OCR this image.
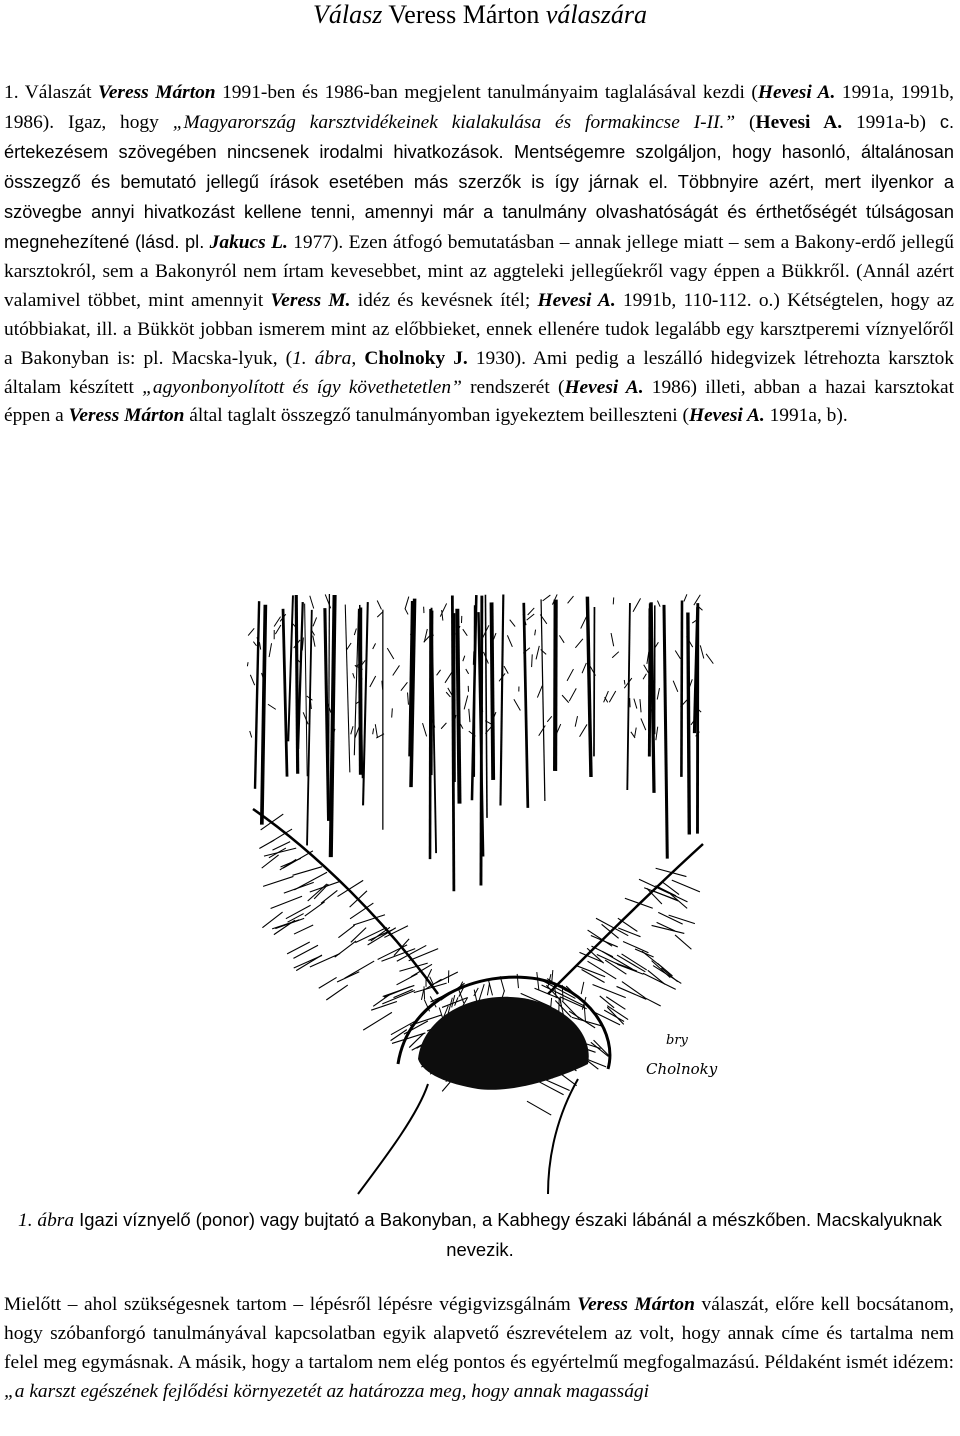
Válasz Veress Márton válaszára

1. Válaszát Veress Márton 1991-ben és 1986-ban megjelent tanulmányaim taglalásával kezdi (Hevesi A. 1991a, 1991b, 1986). Igaz, hogy „Magyarország karsztvidékeinek kialakulása és formakincse I-II.” (Hevesi A. 1991a-b) c. értekezésem szövegében nincsenek irodalmi hivatkozások. Mentségemre szolgáljon, hogy hasonló, általánosan összegző és bemutató jellegű írások esetében más szerzők is így járnak el. Többnyire azért, mert ilyenkor a szövegbe annyi hivatkozást kellene tenni, amennyi már a tanulmány olvashatóságát és érthetőségét túlságosan megnehezítené (lásd. pl. Jakucs L. 1977). Ezen átfogó bemutatásban – annak jellege miatt – sem a Bakony-erdő jellegű karsztokról, sem a Bakonyról nem írtam kevesebbet, mint az aggteleki jellegűekről vagy éppen a Bükkről. (Annál azért valamivel többet, mint amennyit Veress M. idéz és kevésnek ítél; Hevesi A. 1991b, 110-112. o.) Kétségtelen, hogy az utóbbiakat, ill. a Bükköt jobban ismerem mint az előbbieket, ennek ellenére tudok legalább egy karsztperemi víznyelőről a Bakonyban is: pl. Macska-lyuk, (1. ábra, Cholnoky J. 1930). Ami pedig a leszálló hidegvizek létrehozta karsztok általam készített „agyonbonyolított és így követhetetlen” rendszerét (Hevesi A. 1986) illeti, abban a hazai karsztokat éppen a Veress Márton által taglalt összegző tanulmányomban igyekeztem beilleszteni (Hevesi A. 1991a, b).

bry
Cholnoky
1. ábra Igazi víznyelő (ponor) vagy bujtató a Bakonyban, a Kabhegy északi lábánál a mészkőben. Macskalyuknak nevezik.

Mielőtt – ahol szükségesnek tartom – lépésről lépésre végigvizsgálnám Veress Márton válaszát, előre kell bocsátanom, hogy szóbanforgó tanulmányával kapcsolatban egyik alapvető észrevételem az volt, hogy annak címe és tartalma nem felel meg egymásnak. A másik, hogy a tartalom nem elég pontos és egyértelmű megfogalmazású. Példaként ismét idézem: „a karszt egészének fejlődési környezetét az határozza meg, hogy annak magassági
